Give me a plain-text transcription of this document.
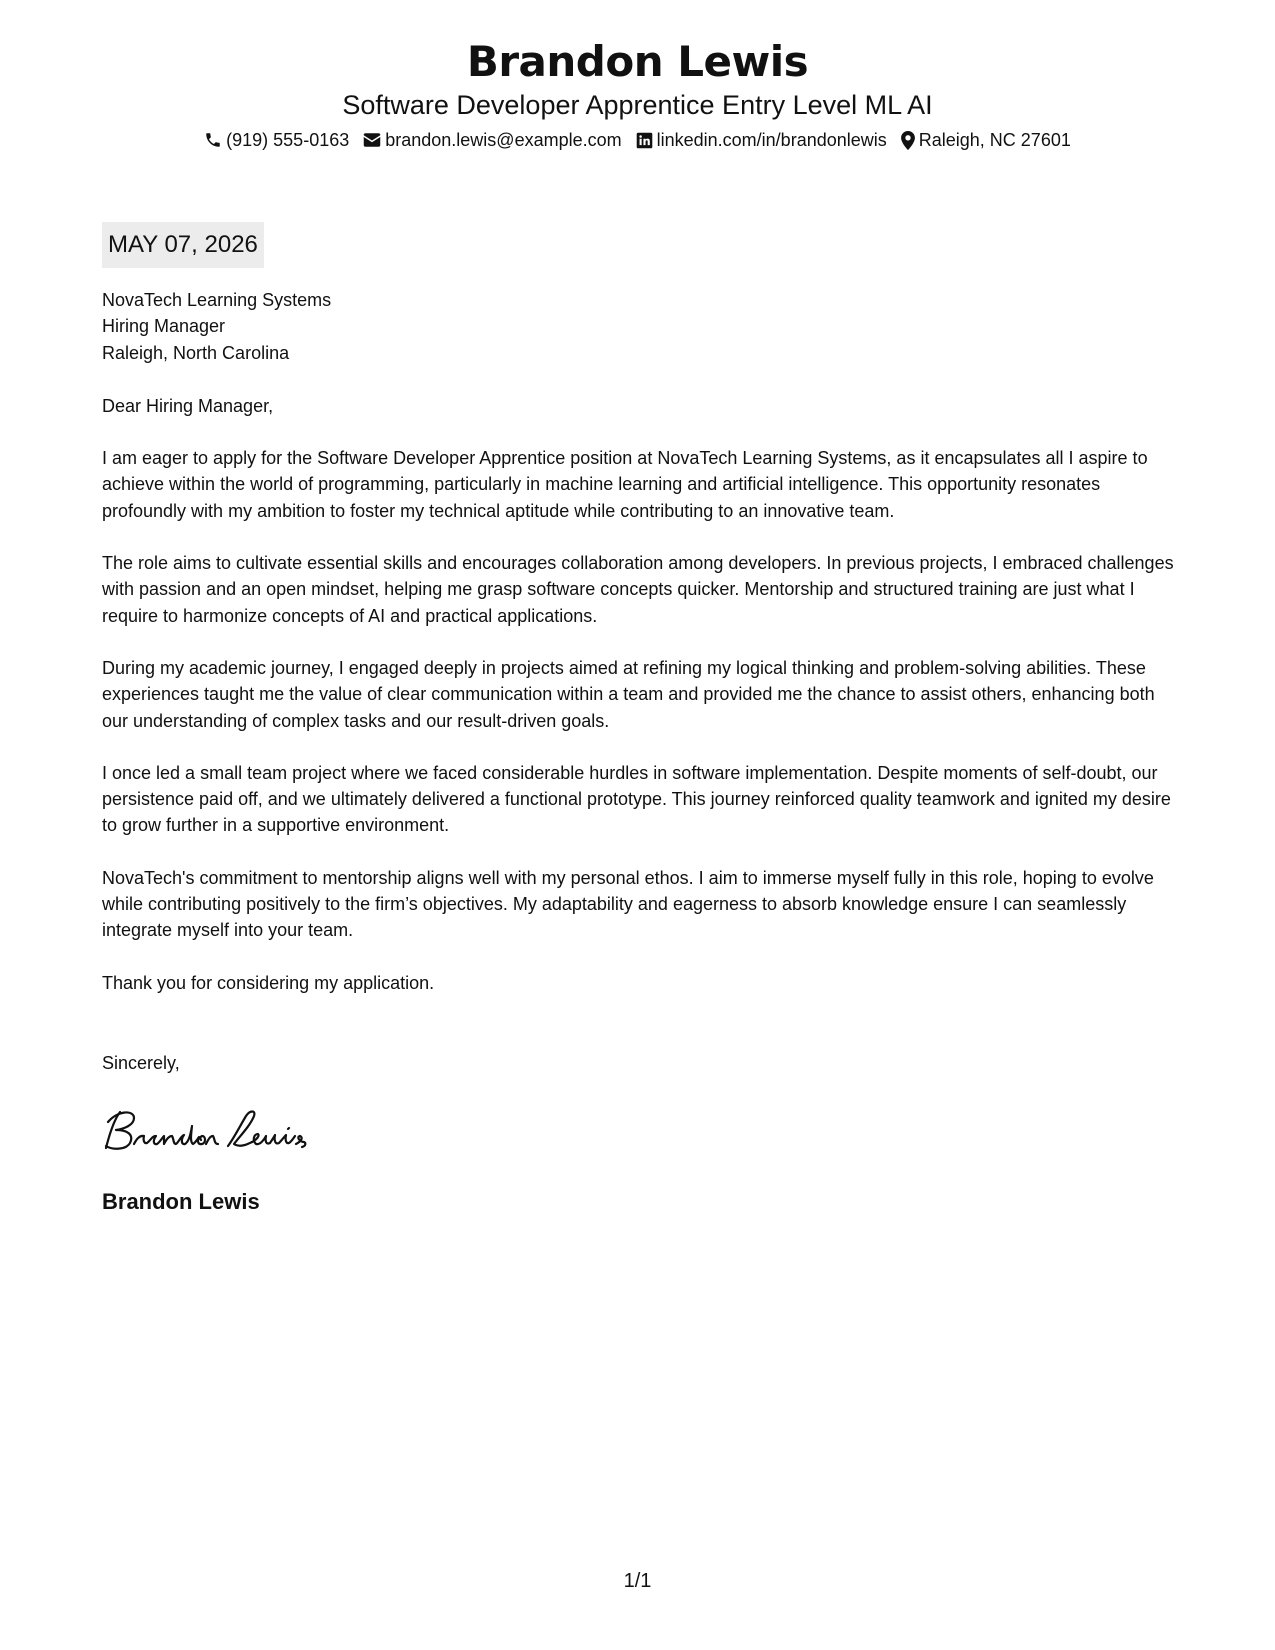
Brandon Lewis
Software Developer Apprentice Entry Level ML AI
(919) 555-0163 brandon.lewis@example.com linkedin.com/in/brandonlewis Raleigh, NC 27601
MAY 07, 2026
NovaTech Learning Systems
Hiring Manager
Raleigh, North Carolina
Dear Hiring Manager,

I am eager to apply for the Software Developer Apprentice position at NovaTech Learning Systems, as it encapsulates all I aspire to achieve within the world of programming, particularly in machine learning and artificial intelligence. This opportunity resonates profoundly with my ambition to foster my technical aptitude while contributing to an innovative team.

The role aims to cultivate essential skills and encourages collaboration among developers. In previous projects, I embraced challenges with passion and an open mindset, helping me grasp software concepts quicker. Mentorship and structured training are just what I require to harmonize concepts of AI and practical applications.

During my academic journey, I engaged deeply in projects aimed at refining my logical thinking and problem-solving abilities. These experiences taught me the value of clear communication within a team and provided me the chance to assist others, enhancing both our understanding of complex tasks and our result-driven goals.

I once led a small team project where we faced considerable hurdles in software implementation. Despite moments of self-doubt, our persistence paid off, and we ultimately delivered a functional prototype. This journey reinforced quality teamwork and ignited my desire to grow further in a supportive environment.

NovaTech's commitment to mentorship aligns well with my personal ethos. I aim to immerse myself fully in this role, hoping to evolve while contributing positively to the firm’s objectives. My adaptability and eagerness to absorb knowledge ensure I can seamlessly integrate myself into your team.

Thank you for considering my application.

Sincerely,
Brandon Lewis
1/1
